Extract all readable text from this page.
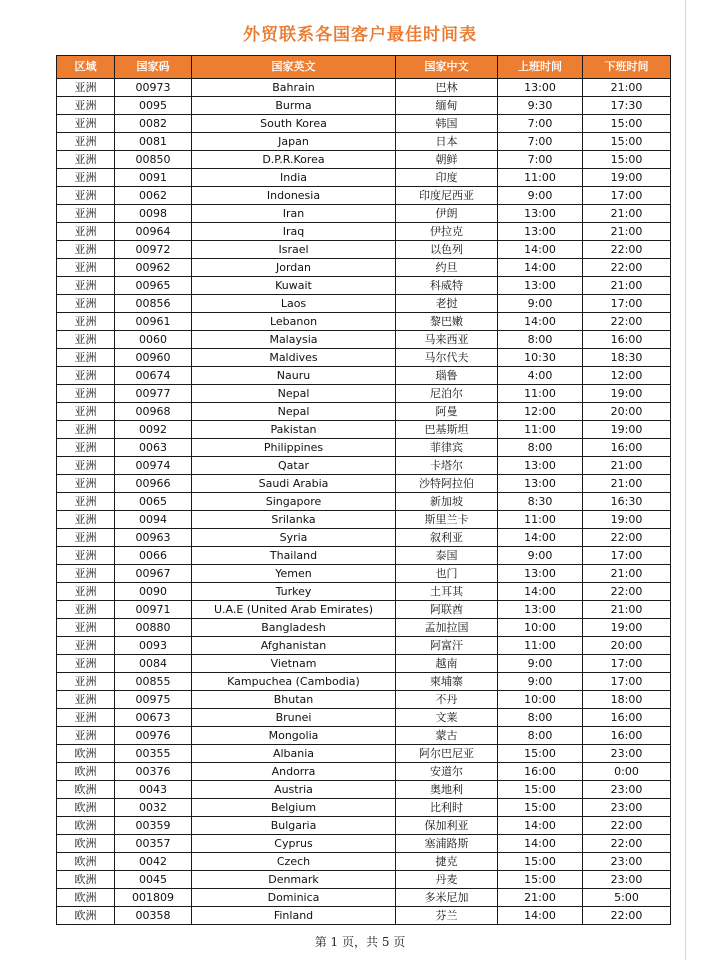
外贸联系各国客户最佳时间表
区域	国家码	国家英文	国家中文	上班时间	下班时间
亚洲	00973	Bahrain	巴林	13:00	21:00
亚洲	0095	Burma	缅甸	9:30	17:30
亚洲	0082	South Korea	韩国	7:00	15:00
亚洲	0081	Japan	日本	7:00	15:00
亚洲	00850	D.P.R.Korea	朝鲜	7:00	15:00
亚洲	0091	India	印度	11:00	19:00
亚洲	0062	Indonesia	印度尼西亚	9:00	17:00
亚洲	0098	Iran	伊朗	13:00	21:00
亚洲	00964	Iraq	伊拉克	13:00	21:00
亚洲	00972	Israel	以色列	14:00	22:00
亚洲	00962	Jordan	约旦	14:00	22:00
亚洲	00965	Kuwait	科威特	13:00	21:00
亚洲	00856	Laos	老挝	9:00	17:00
亚洲	00961	Lebanon	黎巴嫩	14:00	22:00
亚洲	0060	Malaysia	马来西亚	8:00	16:00
亚洲	00960	Maldives	马尔代夫	10:30	18:30
亚洲	00674	Nauru	瑙鲁	4:00	12:00
亚洲	00977	Nepal	尼泊尔	11:00	19:00
亚洲	00968	Nepal	阿曼	12:00	20:00
亚洲	0092	Pakistan	巴基斯坦	11:00	19:00
亚洲	0063	Philippines	菲律宾	8:00	16:00
亚洲	00974	Qatar	卡塔尔	13:00	21:00
亚洲	00966	Saudi Arabia	沙特阿拉伯	13:00	21:00
亚洲	0065	Singapore	新加坡	8:30	16:30
亚洲	0094	Srilanka	斯里兰卡	11:00	19:00
亚洲	00963	Syria	叙利亚	14:00	22:00
亚洲	0066	Thailand	泰国	9:00	17:00
亚洲	00967	Yemen	也门	13:00	21:00
亚洲	0090	Turkey	土耳其	14:00	22:00
亚洲	00971	U.A.E (United Arab Emirates)	阿联酋	13:00	21:00
亚洲	00880	Bangladesh	孟加拉国	10:00	19:00
亚洲	0093	Afghanistan	阿富汗	11:00	20:00
亚洲	0084	Vietnam	越南	9:00	17:00
亚洲	00855	Kampuchea (Cambodia)	柬埔寨	9:00	17:00
亚洲	00975	Bhutan	不丹	10:00	18:00
亚洲	00673	Brunei	文莱	8:00	16:00
亚洲	00976	Mongolia	蒙古	8:00	16:00
欧洲	00355	Albania	阿尔巴尼亚	15:00	23:00
欧洲	00376	Andorra	安道尔	16:00	0:00
欧洲	0043	Austria	奥地利	15:00	23:00
欧洲	0032	Belgium	比利时	15:00	23:00
欧洲	00359	Bulgaria	保加利亚	14:00	22:00
欧洲	00357	Cyprus	塞浦路斯	14:00	22:00
欧洲	0042	Czech	捷克	15:00	23:00
欧洲	0045	Denmark	丹麦	15:00	23:00
欧洲	001809	Dominica	多米尼加	21:00	5:00
欧洲	00358	Finland	芬兰	14:00	22:00
第 1 页，共 5 页
